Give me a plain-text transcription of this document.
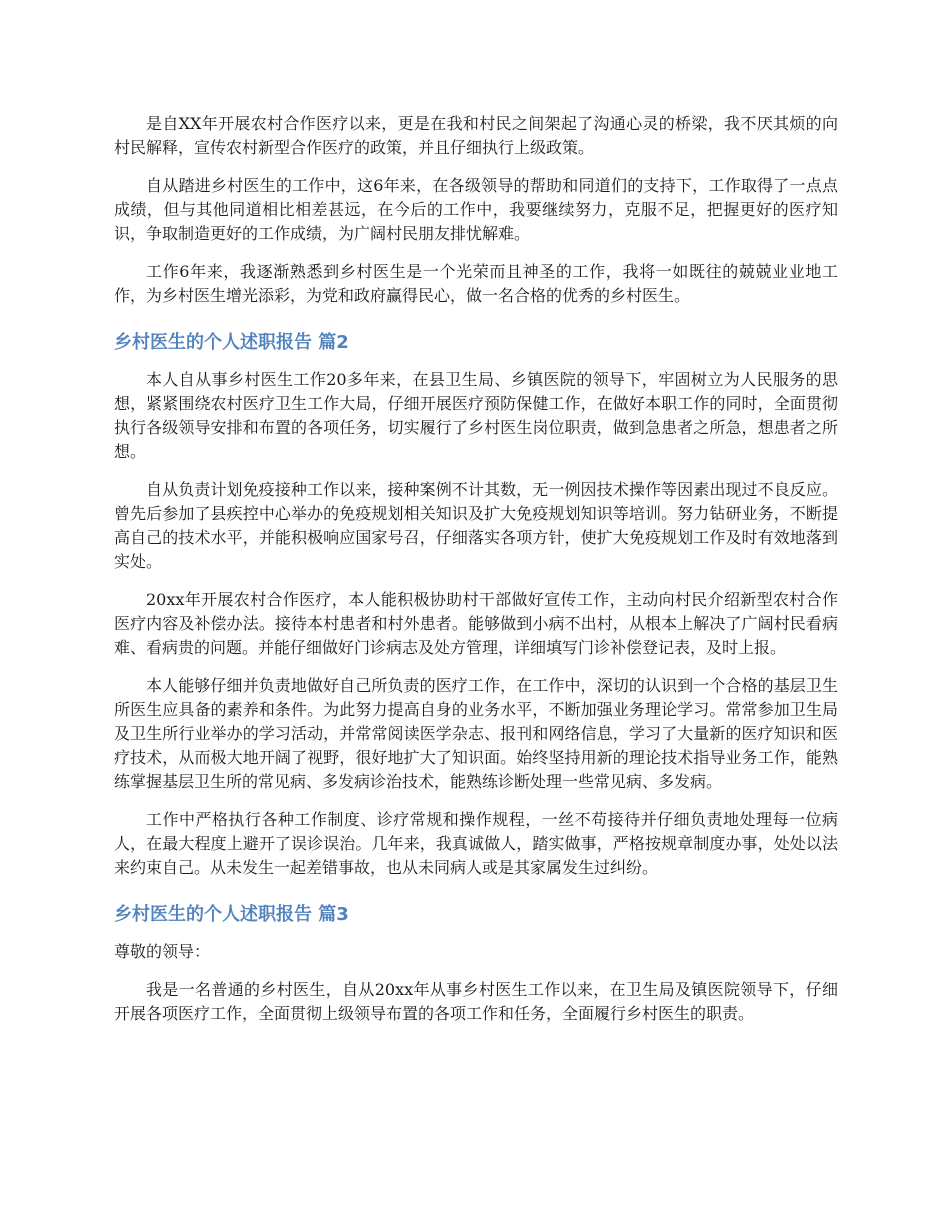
是自XX年开展农村合作医疗以来，更是在我和村民之间架起了沟通心灵的桥梁，我不厌其烦的向村民解释，宣传农村新型合作医疗的政策，并且仔细执行上级政策。

自从踏进乡村医生的工作中，这6年来，在各级领导的帮助和同道们的支持下，工作取得了一点点成绩，但与其他同道相比相差甚远，在今后的工作中，我要继续努力，克服不足，把握更好的医疗知识，争取制造更好的工作成绩，为广阔村民朋友排忧解难。

工作6年来，我逐渐熟悉到乡村医生是一个光荣而且神圣的工作，我将一如既往的兢兢业业地工作，为乡村医生增光添彩，为党和政府赢得民心，做一名合格的优秀的乡村医生。

乡村医生的个人述职报告 篇2

本人自从事乡村医生工作20多年来，在县卫生局、乡镇医院的领导下，牢固树立为人民服务的思想，紧紧围绕农村医疗卫生工作大局，仔细开展医疗预防保健工作，在做好本职工作的同时，全面贯彻执行各级领导安排和布置的各项任务，切实履行了乡村医生岗位职责，做到急患者之所急，想患者之所想。

自从负责计划免疫接种工作以来，接种案例不计其数，无一例因技术操作等因素出现过不良反应。曾先后参加了县疾控中心举办的免疫规划相关知识及扩大免疫规划知识等培训。努力钻研业务，不断提高自己的技术水平，并能积极响应国家号召，仔细落实各项方针，使扩大免疫规划工作及时有效地落到实处。

20xx年开展农村合作医疗，本人能积极协助村干部做好宣传工作，主动向村民介绍新型农村合作医疗内容及补偿办法。接待本村患者和村外患者。能够做到小病不出村，从根本上解决了广阔村民看病难、看病贵的问题。并能仔细做好门诊病志及处方管理，详细填写门诊补偿登记表，及时上报。

本人能够仔细并负责地做好自己所负责的医疗工作，在工作中，深切的认识到一个合格的基层卫生所医生应具备的素养和条件。为此努力提高自身的业务水平，不断加强业务理论学习。常常参加卫生局及卫生所行业举办的学习活动，并常常阅读医学杂志、报刊和网络信息，学习了大量新的医疗知识和医疗技术，从而极大地开阔了视野，很好地扩大了知识面。始终坚持用新的理论技术指导业务工作，能熟练掌握基层卫生所的常见病、多发病诊治技术，能熟练诊断处理一些常见病、多发病。

工作中严格执行各种工作制度、诊疗常规和操作规程，一丝不苟接待并仔细负责地处理每一位病人，在最大程度上避开了误诊误治。几年来，我真诚做人，踏实做事，严格按规章制度办事，处处以法来约束自己。从未发生一起差错事故，也从未同病人或是其家属发生过纠纷。

乡村医生的个人述职报告 篇3

尊敬的领导：

我是一名普通的乡村医生，自从20xx年从事乡村医生工作以来，在卫生局及镇医院领导下，仔细开展各项医疗工作，全面贯彻上级领导布置的各项工作和任务，全面履行乡村医生的职责。
